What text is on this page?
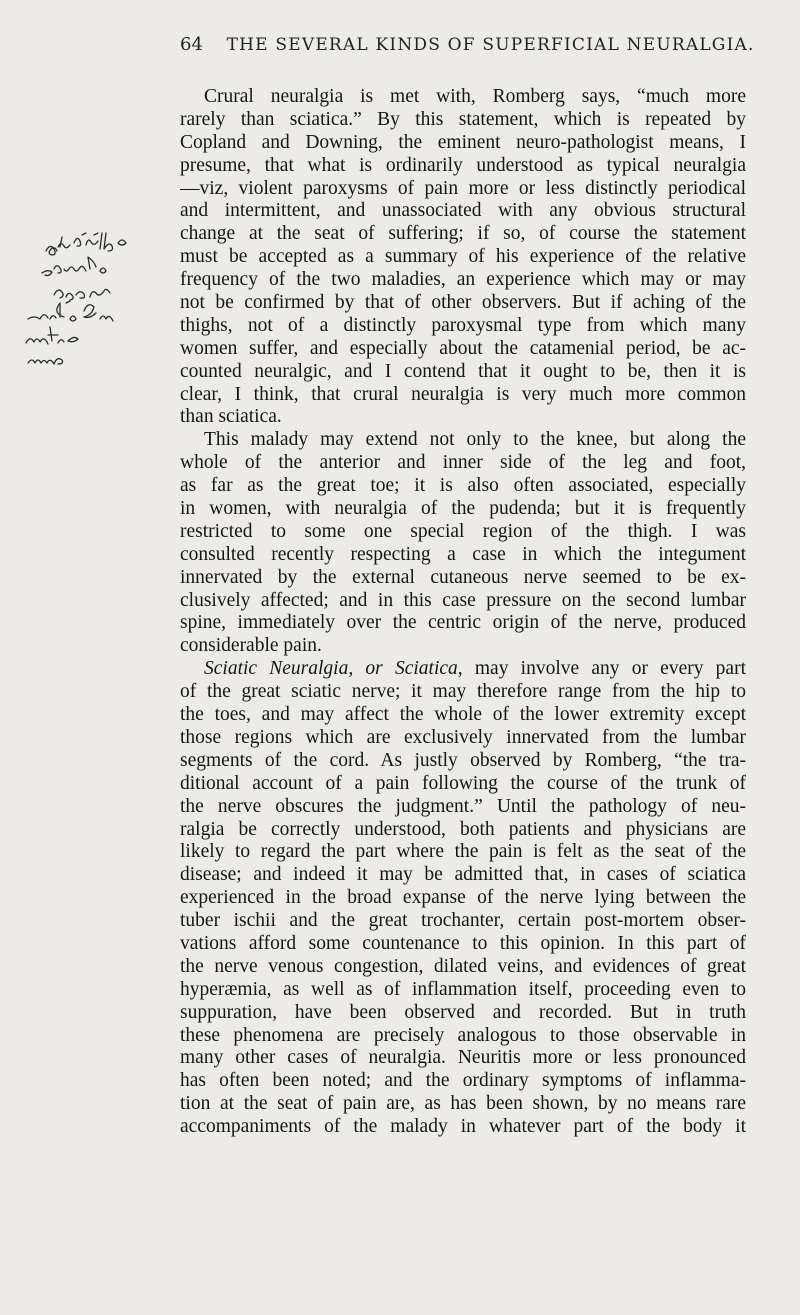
64 THE SEVERAL KINDS OF SUPERFICIAL NEURALGIA.
Crural neuralgia is met with, Romberg says, “much more
rarely than sciatica.” By this statement, which is repeated by
Copland and Downing, the eminent neuro-pathologist means, I
presume, that what is ordinarily understood as typical neuralgia
—viz, violent paroxysms of pain more or less distinctly periodical
and intermittent, and unassociated with any obvious structural
change at the seat of suffering; if so, of course the statement
must be accepted as a summary of his experience of the relative
frequency of the two maladies, an experience which may or may
not be confirmed by that of other observers. But if aching of the
thighs, not of a distinctly paroxysmal type from which many
women suffer, and especially about the catamenial period, be ac-
counted neuralgic, and I contend that it ought to be, then it is
clear, I think, that crural neuralgia is very much more common
than sciatica.
This malady may extend not only to the knee, but along the
whole of the anterior and inner side of the leg and foot,
as far as the great toe; it is also often associated, especially
in women, with neuralgia of the pudenda; but it is frequently
restricted to some one special region of the thigh. I was
consulted recently respecting a case in which the integument
innervated by the external cutaneous nerve seemed to be ex-
clusively affected; and in this case pressure on the second lumbar
spine, immediately over the centric origin of the nerve, produced
considerable pain.
Sciatic Neuralgia, or Sciatica, may involve any or every part
of the great sciatic nerve; it may therefore range from the hip to
the toes, and may affect the whole of the lower extremity except
those regions which are exclusively innervated from the lumbar
segments of the cord. As justly observed by Romberg, “the tra-
ditional account of a pain following the course of the trunk of
the nerve obscures the judgment.” Until the pathology of neu-
ralgia be correctly understood, both patients and physicians are
likely to regard the part where the pain is felt as the seat of the
disease; and indeed it may be admitted that, in cases of sciatica
experienced in the broad expanse of the nerve lying between the
tuber ischii and the great trochanter, certain post-mortem obser-
vations afford some countenance to this opinion. In this part of
the nerve venous congestion, dilated veins, and evidences of great
hyperæmia, as well as of inflammation itself, proceeding even to
suppuration, have been observed and recorded. But in truth
these phenomena are precisely analogous to those observable in
many other cases of neuralgia. Neuritis more or less pronounced
has often been noted; and the ordinary symptoms of inflamma-
tion at the seat of pain are, as has been shown, by no means rare
accompaniments of the malady in whatever part of the body it
